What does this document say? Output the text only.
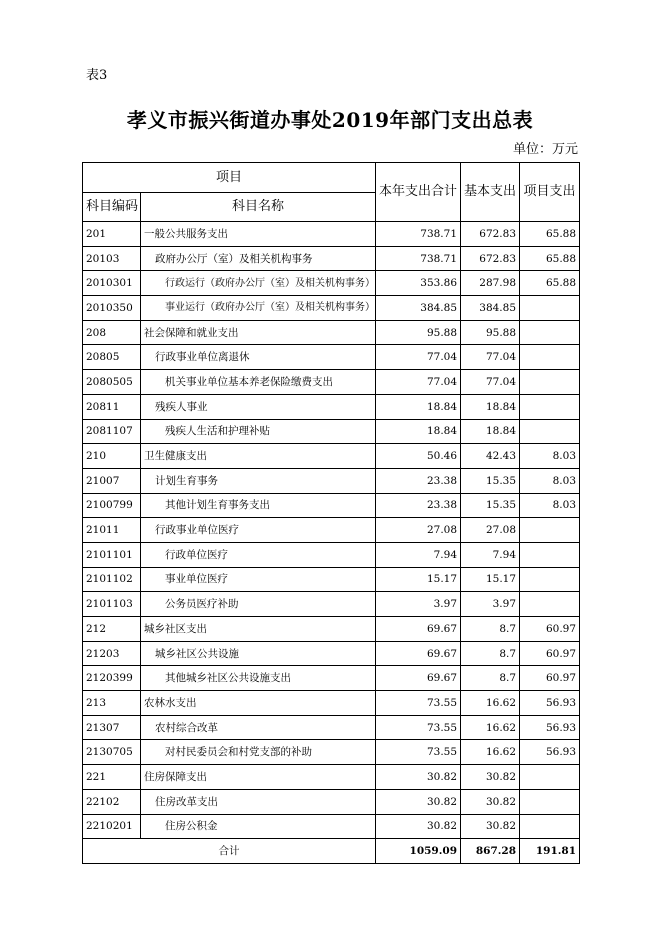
表3
孝义市振兴街道办事处2019年部门支出总表
单位：万元
项目		本年支出合计	基本支出	项目支出
科目编码	科目名称			
201	一般公共服务支出	738.71	672.83	65.88
20103	政府办公厅（室）及相关机构事务	738.71	672.83	65.88
2010301	行政运行（政府办公厅（室）及相关机构事务）	353.86	287.98	65.88
2010350	事业运行（政府办公厅（室）及相关机构事务）	384.85	384.85	
208	社会保障和就业支出	95.88	95.88	
20805	行政事业单位离退休	77.04	77.04	
2080505	机关事业单位基本养老保险缴费支出	77.04	77.04	
20811	残疾人事业	18.84	18.84	
2081107	残疾人生活和护理补贴	18.84	18.84	
210	卫生健康支出	50.46	42.43	8.03
21007	计划生育事务	23.38	15.35	8.03
2100799	其他计划生育事务支出	23.38	15.35	8.03
21011	行政事业单位医疗	27.08	27.08	
2101101	行政单位医疗	7.94	7.94	
2101102	事业单位医疗	15.17	15.17	
2101103	公务员医疗补助	3.97	3.97	
212	城乡社区支出	69.67	8.7	60.97
21203	城乡社区公共设施	69.67	8.7	60.97
2120399	其他城乡社区公共设施支出	69.67	8.7	60.97
213	农林水支出	73.55	16.62	56.93
21307	农村综合改革	73.55	16.62	56.93
2130705	对村民委员会和村党支部的补助	73.55	16.62	56.93
221	住房保障支出	30.82	30.82	
22102	住房改革支出	30.82	30.82	
2210201	住房公积金	30.82	30.82	
合计		1059.09	867.28	191.81
